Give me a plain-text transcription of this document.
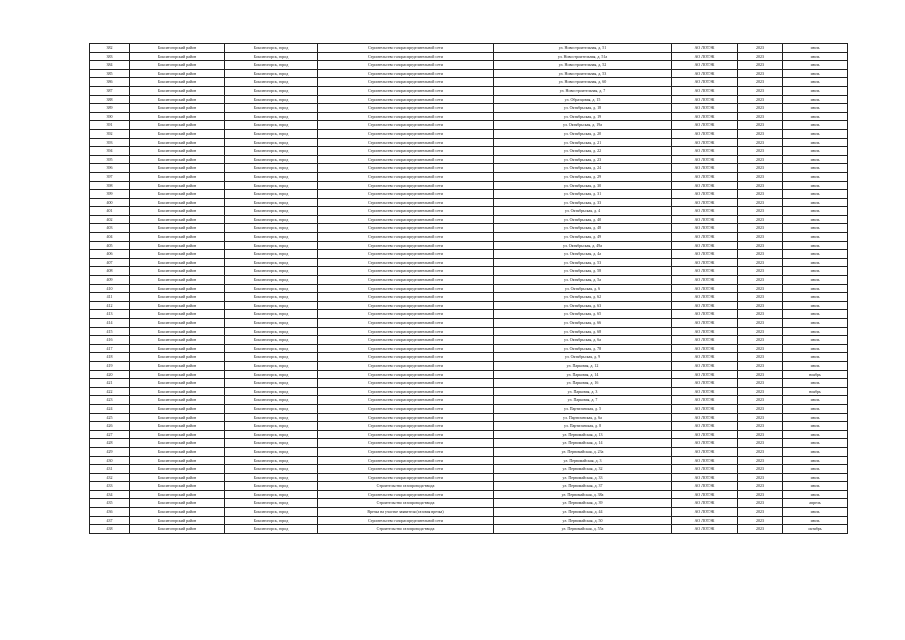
382	Бокситогорский район	Бокситогорск, город	Строительство газораспределительной сети	ул. Новостроительная, д. 51	АО ЛОТЭК	2023	июль
383	Бокситогорский район	Бокситогорск, город	Строительство газораспределительной сети	ул. Новостроительная, д. 51а	АО ЛОТЭК	2023	июль
384	Бокситогорский район	Бокситогорск, город	Строительство газораспределительной сети	ул. Новостроительная, д. 52	АО ЛОТЭК	2023	июль
385	Бокситогорский район	Бокситогорск, город	Строительство газораспределительной сети	ул. Новостроительная, д. 53	АО ЛОТЭК	2023	июль
386	Бокситогорский район	Бокситогорск, город	Строительство газораспределительной сети	ул. Новостроительная, д. 60	АО ЛОТЭК	2023	июль
387	Бокситогорский район	Бокситогорск, город	Строительство газораспределительной сети	ул. Новостроительная, д. 7	АО ЛОТЭК	2023	июль
388	Бокситогорский район	Бокситогорск, город	Строительство газораспределительной сети	ул. Образцовая, д. 15	АО ЛОТЭК	2023	июль
389	Бокситогорский район	Бокситогорск, город	Строительство газораспределительной сети	ул. Октябрьская, д. 18	АО ЛОТЭК	2023	июль
390	Бокситогорский район	Бокситогорск, город	Строительство газораспределительной сети	ул. Октябрьская, д. 19	АО ЛОТЭК	2023	июль
391	Бокситогорский район	Бокситогорск, город	Строительство газораспределительной сети	ул. Октябрьская, д. 19а	АО ЛОТЭК	2023	июль
392	Бокситогорский район	Бокситогорск, город	Строительство газораспределительной сети	ул. Октябрьская, д. 20	АО ЛОТЭК	2023	июль
393	Бокситогорский район	Бокситогорск, город	Строительство газораспределительной сети	ул. Октябрьская, д. 21	АО ЛОТЭК	2023	июль
394	Бокситогорский район	Бокситогорск, город	Строительство газораспределительной сети	ул. Октябрьская, д. 22	АО ЛОТЭК	2023	июль
395	Бокситогорский район	Бокситогорск, город	Строительство газораспределительной сети	ул. Октябрьская, д. 23	АО ЛОТЭК	2023	июль
396	Бокситогорский район	Бокситогорск, город	Строительство газораспределительной сети	ул. Октябрьская, д. 24	АО ЛОТЭК	2023	июль
397	Бокситогорский район	Бокситогорск, город	Строительство газораспределительной сети	ул. Октябрьская, д. 29	АО ЛОТЭК	2023	июль
398	Бокситогорский район	Бокситогорск, город	Строительство газораспределительной сети	ул. Октябрьская, д. 30	АО ЛОТЭК	2023	июль
399	Бокситогорский район	Бокситогорск, город	Строительство газораспределительной сети	ул. Октябрьская, д. 31	АО ЛОТЭК	2023	июль
400	Бокситогорский район	Бокситогорск, город	Строительство газораспределительной сети	ул. Октябрьская, д. 33	АО ЛОТЭК	2023	июль
401	Бокситогорский район	Бокситогорск, город	Строительство газораспределительной сети	ул. Октябрьская, д. 4	АО ЛОТЭК	2023	июль
402	Бокситогорский район	Бокситогорск, город	Строительство газораспределительной сети	ул. Октябрьская, д. 40	АО ЛОТЭК	2023	июль
403	Бокситогорский район	Бокситогорск, город	Строительство газораспределительной сети	ул. Октябрьская, д. 48	АО ЛОТЭК	2023	июль
404	Бокситогорский район	Бокситогорск, город	Строительство газораспределительной сети	ул. Октябрьская, д. 49	АО ЛОТЭК	2023	июль
405	Бокситогорский район	Бокситогорск, город	Строительство газораспределительной сети	ул. Октябрьская, д. 49а	АО ЛОТЭК	2023	июль
406	Бокситогорский район	Бокситогорск, город	Строительство газораспределительной сети	ул. Октябрьская, д. 4а	АО ЛОТЭК	2023	июль
407	Бокситогорский район	Бокситогорск, город	Строительство газораспределительной сети	ул. Октябрьская, д. 53	АО ЛОТЭК	2023	июль
408	Бокситогорский район	Бокситогорск, город	Строительство газораспределительной сети	ул. Октябрьская, д. 58	АО ЛОТЭК	2023	июль
409	Бокситогорский район	Бокситогорск, город	Строительство газораспределительной сети	ул. Октябрьская, д. 5а	АО ЛОТЭК	2023	июль
410	Бокситогорский район	Бокситогорск, город	Строительство газораспределительной сети	ул. Октябрьская, д. 6	АО ЛОТЭК	2023	июль
411	Бокситогорский район	Бокситогорск, город	Строительство газораспределительной сети	ул. Октябрьская, д. 62	АО ЛОТЭК	2023	июль
412	Бокситогорский район	Бокситогорск, город	Строительство газораспределительной сети	ул. Октябрьская, д. 63	АО ЛОТЭК	2023	июль
413	Бокситогорский район	Бокситогорск, город	Строительство газораспределительной сети	ул. Октябрьская, д. 65	АО ЛОТЭК	2023	июль
414	Бокситогорский район	Бокситогорск, город	Строительство газораспределительной сети	ул. Октябрьская, д. 66	АО ЛОТЭК	2023	июль
415	Бокситогорский район	Бокситогорск, город	Строительство газораспределительной сети	ул. Октябрьская, д. 68	АО ЛОТЭК	2023	июль
416	Бокситогорский район	Бокситогорск, город	Строительство газораспределительной сети	ул. Октябрьская, д. 6а	АО ЛОТЭК	2023	июль
417	Бокситогорский район	Бокситогорск, город	Строительство газораспределительной сети	ул. Октябрьская, д. 78	АО ЛОТЭК	2023	июль
418	Бокситогорский район	Бокситогорск, город	Строительство газораспределительной сети	ул. Октябрьская, д. 9	АО ЛОТЭК	2023	июль
419	Бокситогорский район	Бокситогорск, город	Строительство газораспределительной сети	ул. Парковая, д. 12	АО ЛОТЭК	2023	июль
420	Бокситогорский район	Бокситогорск, город	Строительство газораспределительной сети	ул. Парковая, д. 14	АО ЛОТЭК	2023	ноябрь
421	Бокситогорский район	Бокситогорск, город	Строительство газораспределительной сети	ул. Парковая, д. 16	АО ЛОТЭК	2023	июль
422	Бокситогорский район	Бокситогорск, город	Строительство газораспределительной сети	ул. Парковая, д. 3	АО ЛОТЭК	2023	ноябрь
423	Бокситогорский район	Бокситогорск, город	Строительство газораспределительной сети	ул. Парковая, д. 7	АО ЛОТЭК	2023	июль
424	Бокситогорский район	Бокситогорск, город	Строительство газораспределительной сети	ул. Партизанская, д. 5	АО ЛОТЭК	2023	июль
425	Бокситогорский район	Бокситогорск, город	Строительство газораспределительной сети	ул. Партизанская, д. 6а	АО ЛОТЭК	2023	июль
426	Бокситогорский район	Бокситогорск, город	Строительство газораспределительной сети	ул. Партизанская, д. 8	АО ЛОТЭК	2023	июль
427	Бокситогорский район	Бокситогорск, город	Строительство газораспределительной сети	ул. Первомайская, д. 13	АО ЛОТЭК	2023	июль
428	Бокситогорский район	Бокситогорск, город	Строительство газораспределительной сети	ул. Первомайская, д. 14	АО ЛОТЭК	2023	июль
429	Бокситогорский район	Бокситогорск, город	Строительство газораспределительной сети	ул. Первомайская, д. 23а	АО ЛОТЭК	2023	июль
430	Бокситогорский район	Бокситогорск, город	Строительство газораспределительной сети	ул. Первомайская, д. 3	АО ЛОТЭК	2023	июль
431	Бокситогорский район	Бокситогорск, город	Строительство газораспределительной сети	ул. Первомайская, д. 32	АО ЛОТЭК	2023	июль
432	Бокситогорский район	Бокситогорск, город	Строительство газораспределительной сети	ул. Первомайская, д. 33	АО ЛОТЭК	2023	июль
433	Бокситогорский район	Бокситогорск, город	Строительство газопровода-ввода	ул. Первомайская, д. 37	АО ЛОТЭК	2023	июль
434	Бокситогорский район	Бокситогорск, город	Строительство газораспределительной сети	ул. Первомайская, д. 38а	АО ЛОТЭК	2023	июль
435	Бокситогорский район	Бокситогорск, город	Строительство газопровода-ввода	ул. Первомайская, д. 39	АО ЛОТЭК	2023	апрель
436	Бокситогорский район	Бокситогорск, город	Врезка на участке заявителя (газовая врезка)	ул. Первомайская, д. 44	АО ЛОТЭК	2023	июль
437	Бокситогорский район	Бокситогорск, город	Строительство газораспределительной сети	ул. Первомайская, д. 50	АО ЛОТЭК	2023	июль
438	Бокситогорский район	Бокситогорск, город	Строительство газопровода-ввода	ул. Первомайская, д. 55а	АО ЛОТЭК	2023	октябрь
